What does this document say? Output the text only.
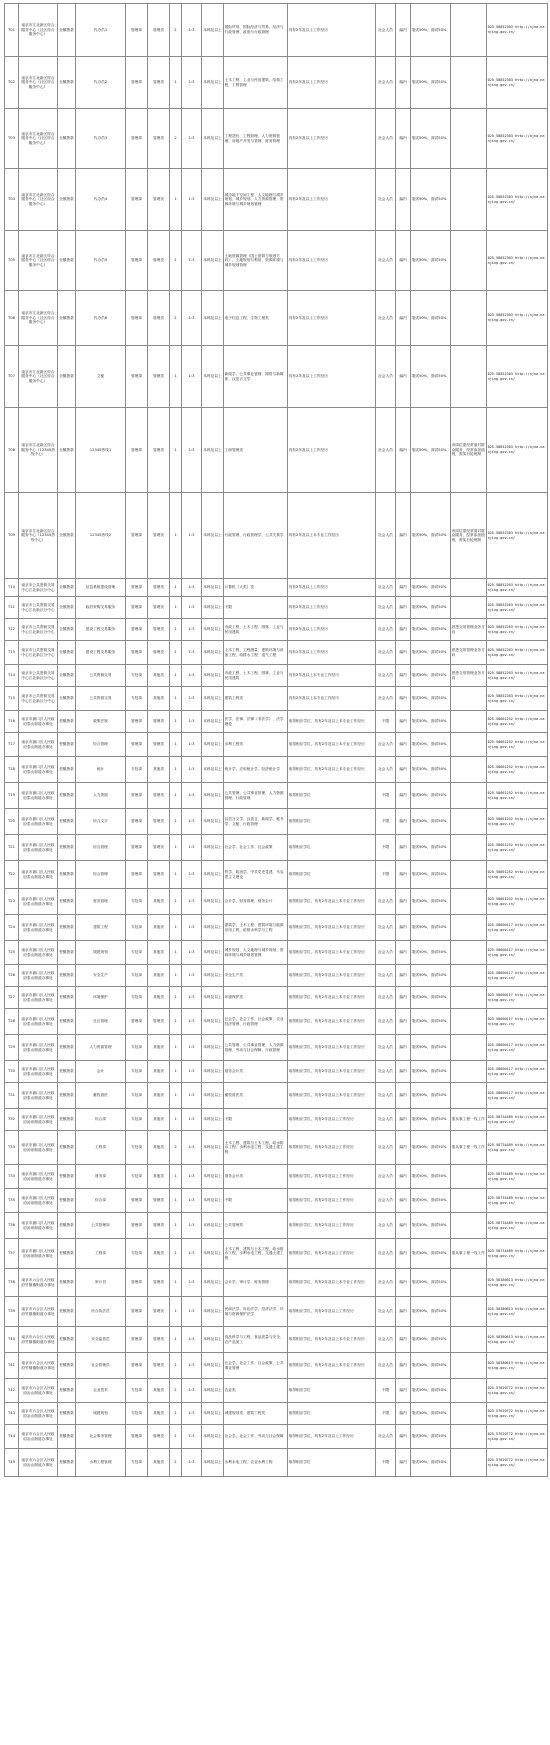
T01	南京市江北新区综合服务中心（社区综合服务中心）	全额拨款	代办员1	管理岗	管理类	1	1:3	本科及以上	国际贸易、国际经济与贸易、经济与行政管理、政治与行政管理	具有2年及以上工作经历	社会人员	编内	笔试50%，面试50%		025-58852303 http://njna.nanjing.gov.cn/
T02	南京市江北新区综合服务中心（社区综合服务中心）	全额拨款	代办员2	管理岗	管理类	1	1:3	本科及以上	土木工程、工业与民用建筑、结构工程、工程管理	具有2年及以上工作经历	社会人员	编内	笔试50%，面试50%		025-58852303 http://njna.nanjing.gov.cn/
T03	南京市江北新区综合服务中心（社区综合服务中心）	全额拨款	代办员3	管理岗	管理类	2	1:3	本科及以上	工程造价、工程管理、人力资源管理、房地产开发与管理、财务管理	具有2年及以上工作经历	社会人员	编内	笔试50%，面试50%		025-58852303 http://njna.nanjing.gov.cn/
T04	南京市江北新区综合服务中心（社区综合服务中心）	全额拨款	代办员4	管理岗	管理类	1	1:3	本科及以上	城市地下空间工程、人文地理与城乡规划、城乡规划、人力资源管理、资源环境与城乡规划管理	具有2年及以上工作经历	社会人员	编内	笔试50%，面试50%		025-58852303 http://njna.nanjing.gov.cn/
T05	南京市江北新区综合服务中心（社区综合服务中心）	全额拨款	代办员5	管理岗	管理类	1	1:3	本科及以上	土地资源管理（国土资源与规划方向）、土地规划与利用、资源环境与城乡规划管理	具有2年及以上工作经历	社会人员	编内	笔试50%，面试50%		025-58852303 http://njna.nanjing.gov.cn/
T06	南京市江北新区综合服务中心（社区综合服务中心）	全额拨款	代办员6	管理岗	管理类	1	1:3	本科及以上	电子信息工程、生物工程类	具有2年及以上工作经历	社会人员	编内	笔试50%，面试50%		025-58852303 http://njna.nanjing.gov.cn/
T07	南京市江北新区综合服务中心（社区综合服务中心）	全额拨款	文秘	管理岗	管理类	1	1:3	本科及以上	新闻学、公共事业管理、网络与新媒体、汉语言文学	具有2年及以上工作经历	社会人员	编内	笔试50%，面试50%		025-58852303 http://njna.nanjing.gov.cn/
T08	南京市江北新区综合服务中心（12345热线中心）	全额拨款	12345热线1	管理岗	管理类	1	1:3	本科及以上	工商管理类	具有2年及以上工作经历	社会人员	编内	笔试50%，面试50%	该岗位需经常面对群众服务，经常参加值班，需实行轮班制	025-58852303 http://njna.nanjing.gov.cn/
T09	南京市江北新区综合服务中心（12345热线中心）	全额拨款	12345热线2	管理岗	管理类	1	1:3	本科及以上	行政管理、行政管理学、公共关系学	具有2年及以上本专业工作经历	社会人员	编内	笔试50%，面试50%	该岗位需经常面对群众服务，经常参加值班，需实行轮班制	025-58852303 http://njna.nanjing.gov.cn/
T10	南京市公共资源交易中心江北新区分中心	全额拨款	信息系统建设管理	管理岗	管理类	1	1:3	本科及以上	计算机（大类）类	具有2年及以上工作经历	社会人员	编内	笔试50%，面试50%		025-58852263 http://njna.nanjing.gov.cn/
T11	南京市公共资源交易中心江北新区分中心	全额拨款	政府采购交易服务	管理岗	管理类	1	1:3	本科及以上	不限	具有2年及以上工作经历	社会人员	编内	笔试50%，面试50%		025-58852263 http://njna.nanjing.gov.cn/
T12	南京市公共资源交易中心江北新区分中心	全额拨款	建设工程交易服务	管理岗	管理类	1	1:3	本科及以上	市政工程、土木工程、园林、工业与民用建筑	具有2年及以上工作经历	社会人员	编内	笔试50%，面试50%	熟悉交易管理业务方向	025-58852263 http://njna.nanjing.gov.cn/
T13	南京市公共资源交易中心江北新区分中心	全额拨款	建设工程交易服务	管理岗	管理类	1	1:3	本科及以上	土木工程、工程测量、建筑环境与设备工程、给排水工程、电气工程	具有2年及以上工作经历	社会人员	编内	笔试50%，面试50%	熟悉交易管理业务方向	025-58852263 http://njna.nanjing.gov.cn/
T14	南京市公共资源交易中心江北新区分中心	全额拨款	公共资源交易	专技岗	其他类	1	1:3	本科及以上	市政工程、土木工程、园林、工业与民用建筑	具有2年及以上本专业工作经历	社会人员	编内	笔试50%，面试50%	熟悉交易管理业务方向	025-58852263 http://njna.nanjing.gov.cn/
T15	南京市公共资源交易中心江北新区分中心	全额拨款	公共资源交易	专技岗	其他类	1	1:3	本科及以上	建筑工程类	具有2年及以上本专业工作经历	社会人员	编内	笔试50%，面试50%		025-58852263 http://njna.nanjing.gov.cn/
T16	南京市浦口区人民政府泰山街道办事处	差额拨款	政策法规	管理岗	管理类	1	1:3	本科及以上	法学、法律、法律（非法学）、法学理论	取得相应学位，具有2年及以上本专业工作经历	不限	编内	笔试50%，面试50%		025-58661252 http://njna.nanjing.gov.cn/
T17	南京市浦口区人民政府泰山街道办事处	差额拨款	综合管理	管理岗	管理类	1	1:3	本科及以上	水利工程类	取得相应学位，具有2年及以上本专业工作经历	社会人员	编内	笔试50%，面试50%		025-58661252 http://njna.nanjing.gov.cn/
T18	南京市浦口区人民政府泰山街道办事处	差额拨款	统计	专技岗	其他类	1	1:3	本科及以上	统计学、应用统计学、经济统计学	取得相应学位，具有2年及以上本专业工作经历	社会人员	编内	笔试50%，面试50%		025-58661252 http://njna.nanjing.gov.cn/
T19	南京市浦口区人民政府泰山街道办事处	差额拨款	人力资源	管理岗	管理类	1	1:3	本科及以上	公共管理、公共事业管理、人力资源管理、行政管理	取得相应学位	不限	编内	笔试50%，面试50%		025-58661252 http://njna.nanjing.gov.cn/
T20	南京市浦口区人民政府泰山街道办事处	差额拨款	综合文字	管理岗	管理类	1	1:3	本科及以上	汉语言文学、汉语言、新闻学、秘书学、文秘、行政管理	取得相应学位	不限	编内	笔试50%，面试50%		025-58661252 http://njna.nanjing.gov.cn/
T21	南京市浦口区人民政府泰山街道办事处	差额拨款	综合管理	管理岗	管理类	1	1:3	本科及以上	社会学、社会工作、社会政策	取得相应学位	不限	编内	笔试50%，面试50%		025-58661252 http://njna.nanjing.gov.cn/
T22	南京市浦口区人民政府泰山街道办事处	差额拨款	综合管理	管理岗	管理类	1	1:3	本科及以上	哲学、政治学、中共党史党建、马克思主义理论	取得相应学位	不限	编内	笔试50%，面试50%		025-58661252 http://njna.nanjing.gov.cn/
T23	南京市浦口区人民政府泰山街道办事处	差额拨款	财务管理	专技岗	其他类	1	1:3	本科及以上	会计学、财务管理、财务会计	取得相应学位，具有2年及以上本专业工作经历	社会人员	编内	笔试50%，面试50%		025-58661252 http://njna.nanjing.gov.cn/
T24	南京市浦口区人民政府泰山街道办事处	差额拨款	建筑工程	专技岗	其他类	1	1:3	本科及以上	建筑学、土木工程、建筑环境与能源应用工程、给排水科学与工程	取得相应学位，具有2年及以上本专业工作经历	社会人员	编内	笔试50%，面试50%		025-58600117 http://njna.nanjing.gov.cn/
T25	南京市浦口区人民政府泰山街道办事处	差额拨款	城建规划	专技岗	其他类	1	1:3	本科及以上	城乡规划、人文地理与城乡规划、资源环境与城乡规划管理	取得相应学位，具有2年及以上本专业工作经历	社会人员	编内	笔试50%，面试50%		025-58600117 http://njna.nanjing.gov.cn/
T26	南京市浦口区人民政府泰山街道办事处	差额拨款	安全生产	专技岗	其他类	1	1:3	本科及以上	安全生产类	取得相应学位，具有2年及以上本专业工作经历	社会人员	编内	笔试50%，面试50%		025-58600117 http://njna.nanjing.gov.cn/
T27	南京市浦口区人民政府泰山街道办事处	差额拨款	环境保护	专技岗	其他类	1	1:3	本科及以上	环境保护类	取得相应学位，具有2年及以上本专业工作经历	社会人员	编内	笔试50%，面试50%		025-58600117 http://njna.nanjing.gov.cn/
T28	南京市浦口区人民政府泰山街道办事处	差额拨款	社区管理	管理岗	管理类	1	1:3	本科及以上	社会学、社会工作、社会政策、农业经济管理、行政管理	取得相应学位，具有2年及以上本专业工作经历	社会人员	编内	笔试50%，面试50%		025-58600117 http://njna.nanjing.gov.cn/
T29	南京市浦口区人民政府泰山街道办事处	差额拨款	人力资源管理	专技岗	其他类	1	1:3	本科及以上	公共管理、公共事业管理、人力资源管理、劳动与社会保障、行政管理	取得相应学位，具有2年及以上本专业工作经历	社会人员	编内	笔试50%，面试50%		025-58600117 http://njna.nanjing.gov.cn/
T30	南京市浦口区人民政府泰山街道办事处	差额拨款	会计	专技岗	其他类	1	1:3	本科及以上	财务会计类	取得相应学位，具有2年及以上本专业工作经历	社会人员	编内	笔试50%，面试50%		025-58600117 http://njna.nanjing.gov.cn/
T31	南京市浦口区人民政府泰山街道办事处	差额拨款	畜牧兽医	专技岗	其他类	1	1:3	本科及以上	畜牧兽医类	取得相应学位，具有2年及以上本专业工作经历	社会人员	编内	笔试50%，面试50%		025-58600117 http://njna.nanjing.gov.cn/
T32	南京市浦口区人民政府汤泉街道办事处	差额拨款	综合岗	专技岗	其他类	1	1:3	本科及以上	不限	取得相应学位，具有2年及以上工作经历	社会人员	编内	笔试50%，面试50%	需从事工程一线工作	025-58734489 http://njna.nanjing.gov.cn/
T33	南京市浦口区人民政府汤泉街道办事处	差额拨款	工程岗	专技岗	其他类	2	1:3	本科及以上	土木工程、建筑与土木工程、给水排水工程、水利水电工程、交通土建工程	取得相应学位，具有2年及以上工作经历	社会人员	编内	笔试50%，面试50%	需从事工程一线工作	025-58734489 http://njna.nanjing.gov.cn/
T34	南京市浦口区人民政府汤泉街道办事处	差额拨款	财务岗	专技岗	其他类	1	1:3	本科及以上	财务会计类	取得相应学位，具有2年及以上工作经历	社会人员	编内	笔试50%，面试50%		025-58734489 http://njna.nanjing.gov.cn/
T35	南京市浦口区人民政府汤泉街道办事处	差额拨款	综合岗	管理岗	管理类	1	1:3	本科及以上	不限	取得相应学位，具有2年及以上工作经历	社会人员	编内	笔试50%，面试50%		025-58734489 http://njna.nanjing.gov.cn/
T36	南京市浦口区人民政府汤泉街道办事处	差额拨款	公共管理岗	管理岗	管理类	1	1:3	本科及以上	公共管理类	取得相应学位，具有2年及以上工作经历	社会人员	编内	笔试50%，面试50%		025-58734489 http://njna.nanjing.gov.cn/
T37	南京市浦口区人民政府汤泉街道办事处	差额拨款	工程岗	专技岗	其他类	1	1:3	本科及以上	土木工程、建筑与土木工程、给水排水工程、水利水电工程、交通土建工程	取得相应学位，具有2年及以上工作经历	社会人员	编内	笔试50%，面试50%	需从事工程一线工作	025-58734489 http://njna.nanjing.gov.cn/
T38	南京市六合区人民政府竹镇镇街道办事处	差额拨款	审计员	管理岗	管理类	1	1:3	本科及以上	会计学、审计学、财务管理	取得相应学位，具有2年及以上本专业工作经历	社会人员	编内	笔试50%，面试50%		025-58380613 http://njna.nanjing.gov.cn/
T39	南京市六合区人民政府竹镇镇街道办事处	差额拨款	综合执法员	管理岗	管理类	1	1:3	本科及以上	民商法学、诉讼法学、经济法学、环境与资源保护法学	取得相应学位，具有2年及以上工作经历	社会人员	编内	笔试50%，面试50%		025-58380613 http://njna.nanjing.gov.cn/
T40	南京市六合区人民政府竹镇镇街道办事处	差额拨款	安全监管员	管理岗	管理类	1	1:3	本科及以上	食品科学与工程、食品质量与安全、农产品加工	取得相应学位，具有2年及以上本专业工作经历	社会人员	编内	笔试50%，面试50%		025-58380613 http://njna.nanjing.gov.cn/
T41	南京市六合区人民政府竹镇镇街道办事处	差额拨款	社会管理员	管理岗	管理类	1	1:3	本科及以上	社会学、社会工作、社会政策、公共事业管理	取得相应学位，具有2年及以上本专业工作经历	社会人员	编内	笔试50%，面试50%		025-58380613 http://njna.nanjing.gov.cn/
T42	南京市六合区人民政府冶山街道办事处	差额拨款	农业技术	专技岗	其他类	1	1:3	本科及以上	农业类	取得相应学位	不限	编内	笔试50%，面试50%		025-57620772 http://njna.nanjing.gov.cn/
T43	南京市六合区人民政府冶山街道办事处	差额拨款	城建规划	专技岗	其他类	1	1:3	本科及以上	城建规划类、建筑工程类	取得相应学位	不限	编内	笔试50%，面试50%		025-57620772 http://njna.nanjing.gov.cn/
T44	南京市六合区人民政府冶山街道办事处	差额拨款	社会事务管理	管理岗	管理类	1	1:3	本科及以上	社会学、社会工作、劳动与社会保障	取得相应学位，具有2年及以上工作经历	社会人员	编内	笔试50%，面试50%		025-57620772 http://njna.nanjing.gov.cn/
T45	南京市六合区人民政府冶山街道办事处	差额拨款	水利工程管理	专技岗	其他类	1	1:3	本科及以上	水利水电工程、农业水利工程	取得相应学位	不限	编内	笔试50%，面试50%		025-57620772 http://njna.nanjing.gov.cn/
